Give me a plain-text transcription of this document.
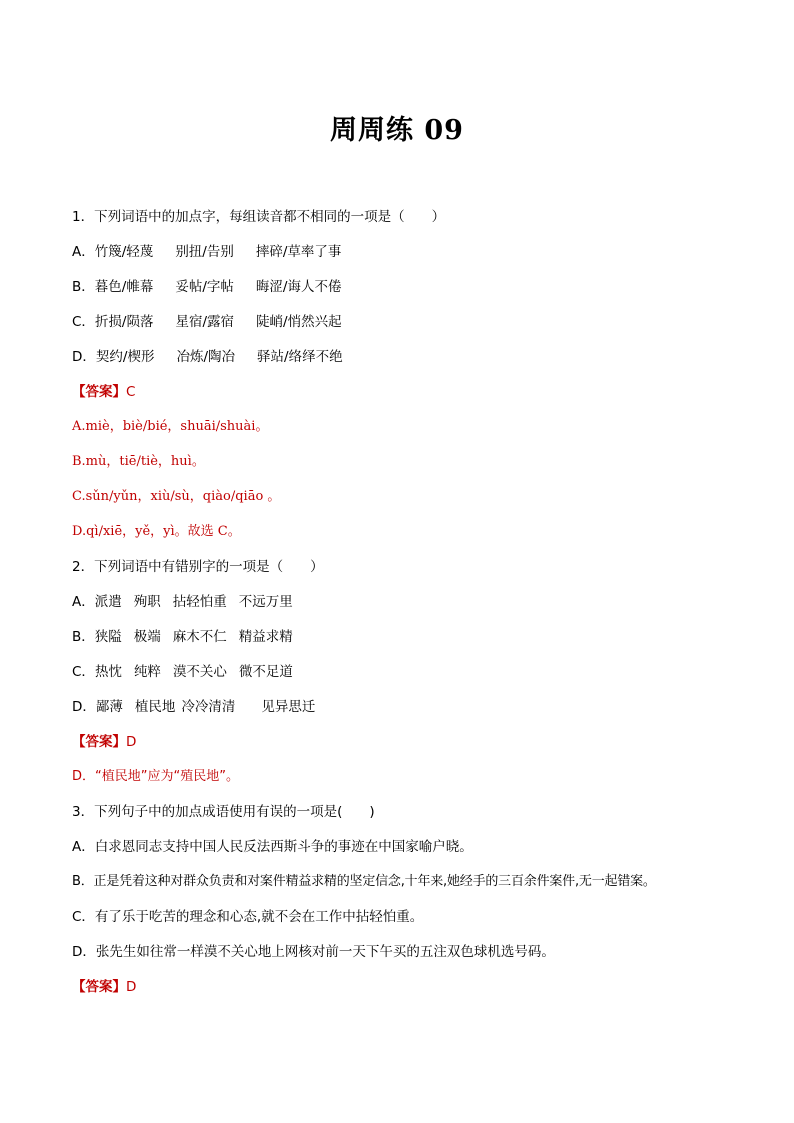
周周练 09
1．下列词语中的加点字，每组读音都不相同的一项是（　　）
A．竹篾/轻蔑 别扭/告别 摔碎/草率了事
B．暮色/帷幕 妥帖/字帖 晦涩/诲人不倦
C．折损/陨落 星宿/露宿 陡峭/悄然兴起
D．契约/楔形 冶炼/陶冶 驿站/络绎不绝
【答案】C
A.miè，biè/bié，shuāi/shuài。
B.mù，tiē/tiè，huì。
C.sǔn/yǔn，xiù/sù，qiào/qiāo 。
D.qì/xiē，yě，yì。故选 C。
2．下列词语中有错别字的一项是（　　）
A．派遣 殉职 拈轻怕重 不远万里
B．狭隘 极端 麻木不仁 精益求精
C．热忱 纯粹 漠不关心 微不足道
D．鄙薄 植民地 冷冷清清 见异思迁
【答案】D
D．“植民地”应为“殖民地”。
3．下列句子中的加点成语使用有误的一项是(　　)
A．白求恩同志支持中国人民反法西斯斗争的事迹在中国家喻户晓。
B．正是凭着这种对群众负责和对案件精益求精的坚定信念,十年来,她经手的三百余件案件,无一起错案。
C．有了乐于吃苦的理念和心态,就不会在工作中拈轻怕重。
D．张先生如往常一样漠不关心地上网核对前一天下午买的五注双色球机选号码。
【答案】D
